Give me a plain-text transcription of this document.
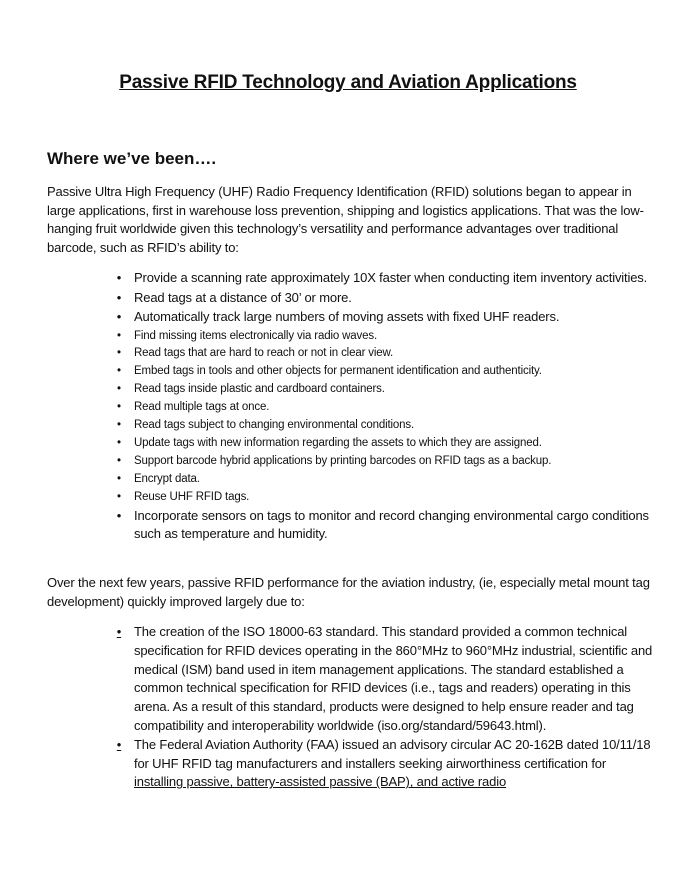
Passive RFID Technology and Aviation Applications
Where we’ve been….
Passive Ultra High Frequency (UHF) Radio Frequency Identification (RFID) solutions began to appear in large applications, first in warehouse loss prevention, shipping and logistics applications. That was the low-hanging fruit worldwide given this technology’s versatility and performance advantages over traditional barcode, such as RFID’s ability to:
• Provide a scanning rate approximately 10X faster when conducting item inventory activities.
• Read tags at a distance of 30’ or more.
• Automatically track large numbers of moving assets with fixed UHF readers.
• Find missing items electronically via radio waves.
• Read tags that are hard to reach or not in clear view.
• Embed tags in tools and other objects for permanent identification and authenticity.
• Read tags inside plastic and cardboard containers.
• Read multiple tags at once.
• Read tags subject to changing environmental conditions.
• Update tags with new information regarding the assets to which they are assigned.
• Support barcode hybrid applications by printing barcodes on RFID tags as a backup.
• Encrypt data.
• Reuse UHF RFID tags.
• Incorporate sensors on tags to monitor and record changing environmental cargo conditions such as temperature and humidity.
Over the next few years, passive RFID performance for the aviation industry, (ie, especially metal mount tag development) quickly improved largely due to:
• The creation of the ISO 18000-63 standard. This standard provided a common technical specification for RFID devices operating in the 860°MHz to 960°MHz industrial, scientific and medical (ISM) band used in item management applications. The standard established a common technical specification for RFID devices (i.e., tags and readers) operating in this arena. As a result of this standard, products were designed to help ensure reader and tag compatibility and interoperability worldwide (iso.org/standard/59643.html).
• The Federal Aviation Authority (FAA) issued an advisory circular AC 20-162B dated 10/11/18 for UHF RFID tag manufacturers and installers seeking airworthiness certification for installing passive, battery-assisted passive (BAP), and active radio
